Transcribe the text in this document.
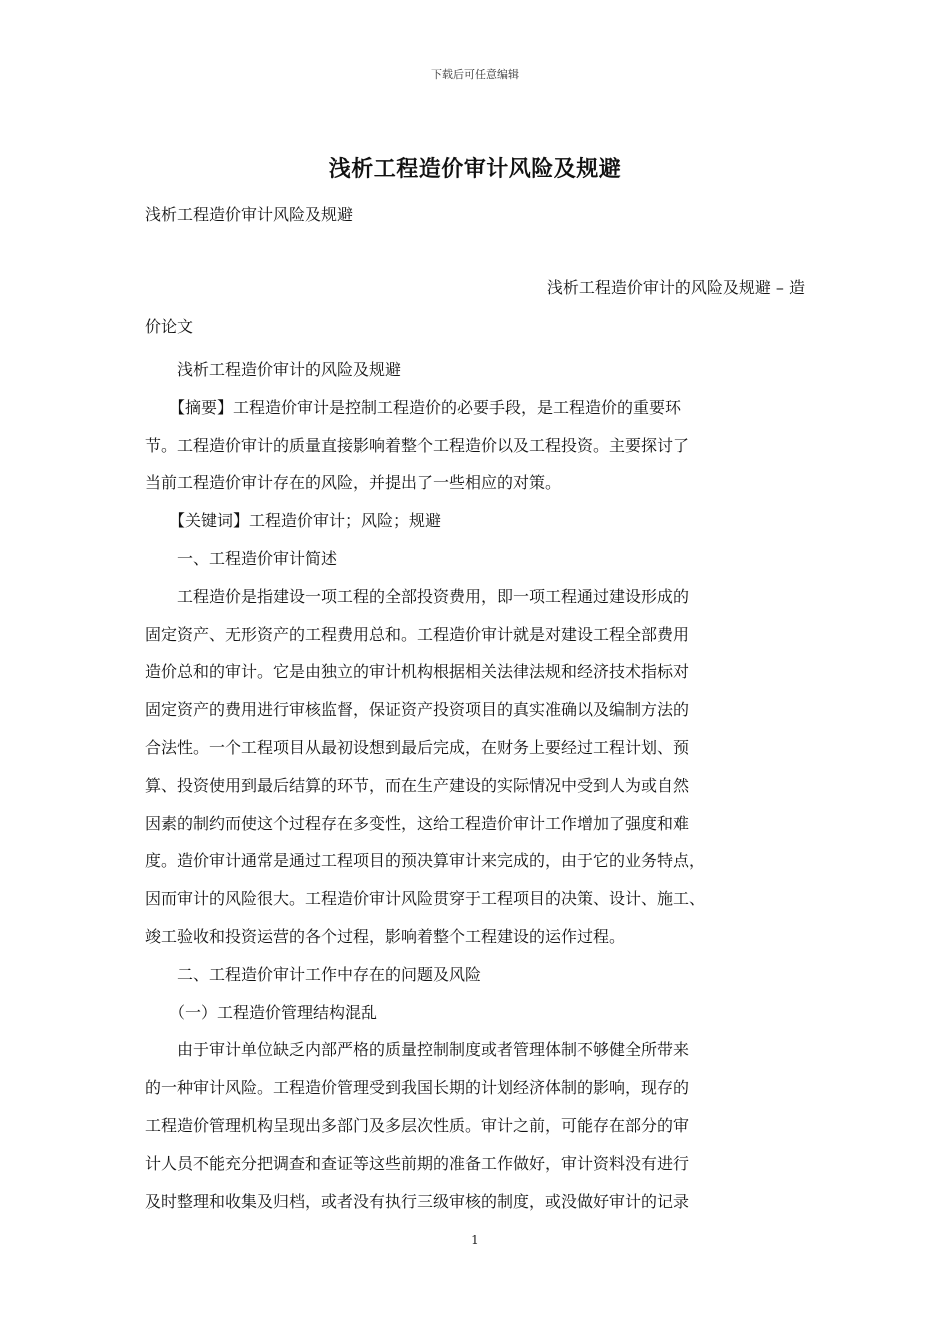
下载后可任意编辑
浅析工程造价审计风险及规避
浅析工程造价审计风险及规避
浅析工程造价审计的风险及规避 – 造
价论文
　　浅析工程造价审计的风险及规避
　　【摘要】工程造价审计是控制工程造价的必要手段，是工程造价的重要环
节。工程造价审计的质量直接影响着整个工程造价以及工程投资。主要探讨了
当前工程造价审计存在的风险，并提出了一些相应的对策。
　　【关键词】工程造价审计；风险；规避
　　一、工程造价审计简述
　　工程造价是指建设一项工程的全部投资费用，即一项工程通过建设形成的
固定资产、无形资产的工程费用总和。工程造价审计就是对建设工程全部费用
造价总和的审计。它是由独立的审计机构根据相关法律法规和经济技术指标对
固定资产的费用进行审核监督，保证资产投资项目的真实准确以及编制方法的
合法性。一个工程项目从最初设想到最后完成，在财务上要经过工程计划、预
算、投资使用到最后结算的环节，而在生产建设的实际情况中受到人为或自然
因素的制约而使这个过程存在多变性，这给工程造价审计工作增加了强度和难
度。造价审计通常是通过工程项目的预决算审计来完成的，由于它的业务特点，
因而审计的风险很大。工程造价审计风险贯穿于工程项目的决策、设计、施工、
竣工验收和投资运营的各个过程，影响着整个工程建设的运作过程。
　　二、工程造价审计工作中存在的问题及风险
　　（一）工程造价管理结构混乱
　　由于审计单位缺乏内部严格的质量控制制度或者管理体制不够健全所带来
的一种审计风险。工程造价管理受到我国长期的计划经济体制的影响，现存的
工程造价管理机构呈现出多部门及多层次性质。审计之前，可能存在部分的审
计人员不能充分把调查和查证等这些前期的准备工作做好，审计资料没有进行
及时整理和收集及归档，或者没有执行三级审核的制度，或没做好审计的记录
1
